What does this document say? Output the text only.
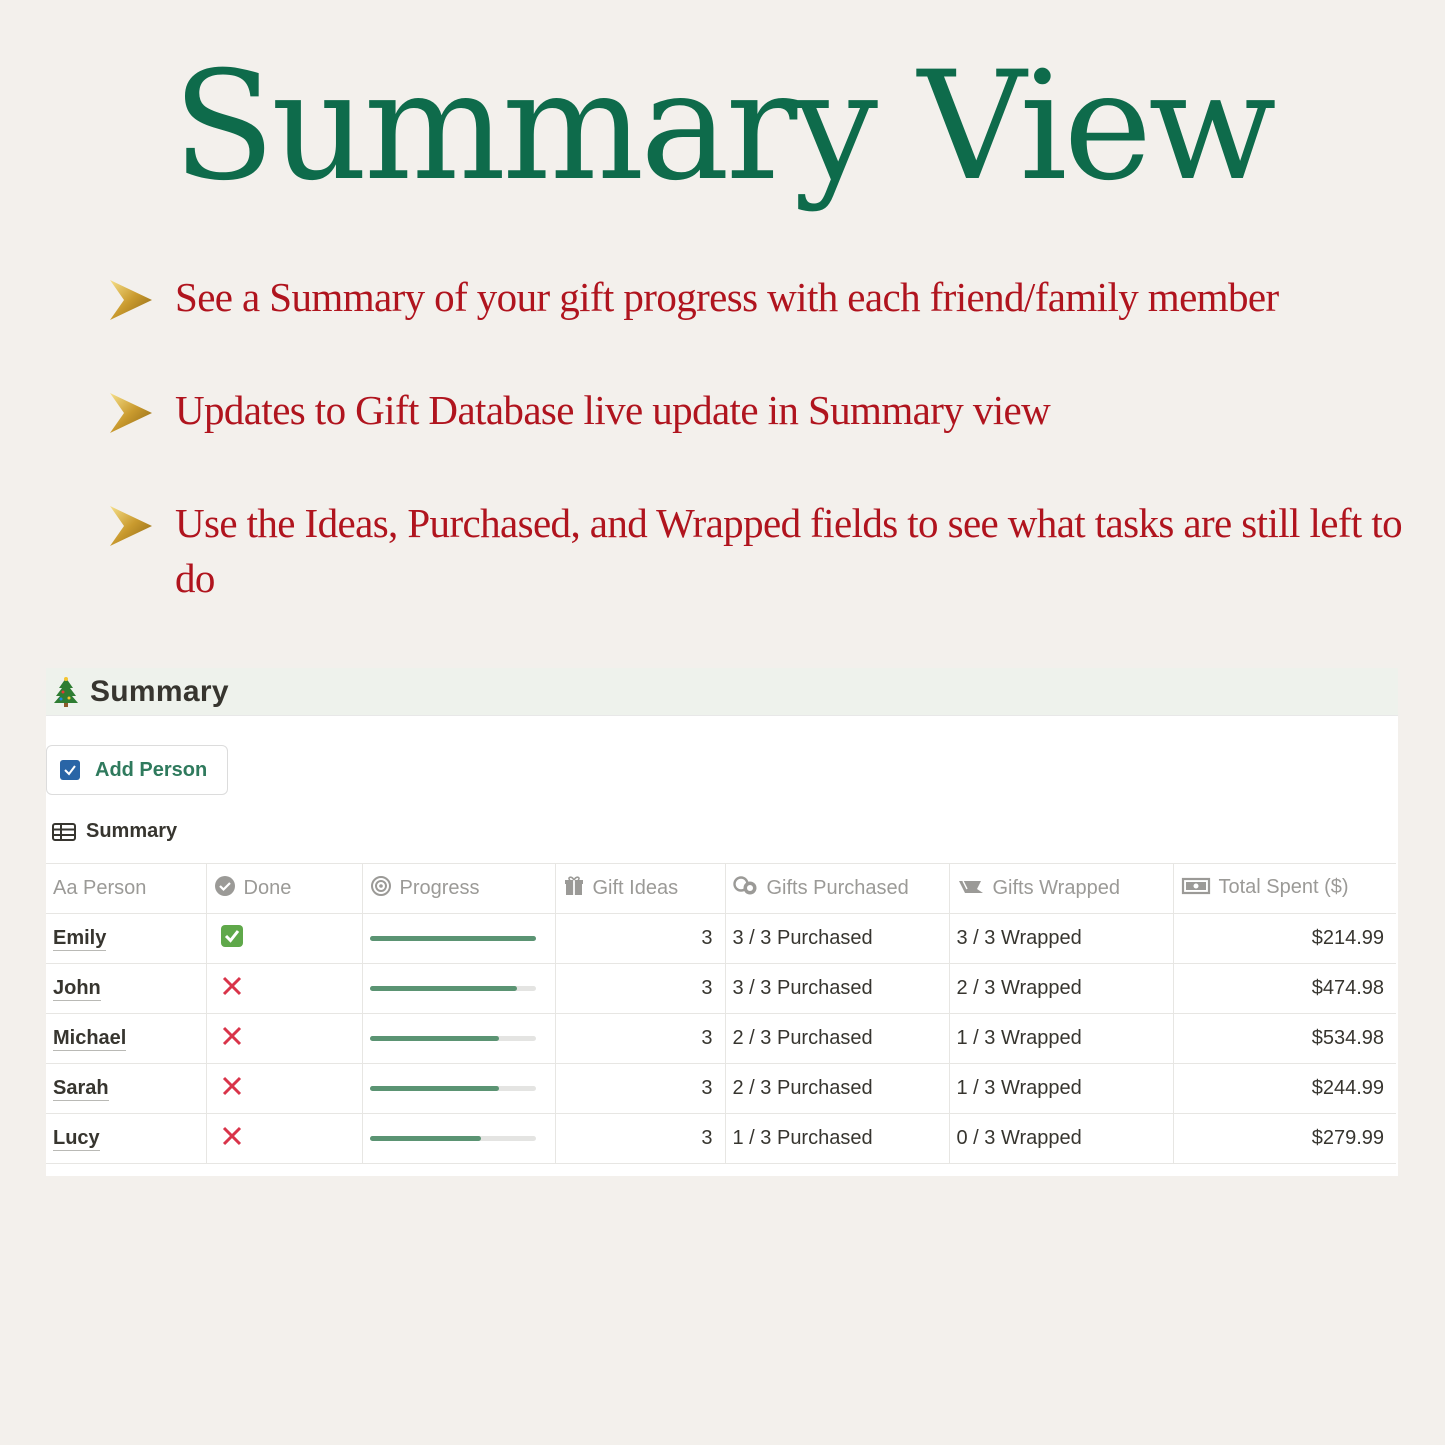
Summary View
See a Summary of your gift progress with each friend/family member
Updates to Gift Database live update in Summary view
Use the Ideas, Purchased, and Wrapped fields to see what tasks are still left to do
Summary
Add Person
Summary
Aa Person	Done	Progress	Gift Ideas	Gifts Purchased	Gifts Wrapped	Total Spent ($)
Emily			3	3 / 3 Purchased	3 / 3 Wrapped	$214.99
John			3	3 / 3 Purchased	2 / 3 Wrapped	$474.98
Michael			3	2 / 3 Purchased	1 / 3 Wrapped	$534.98
Sarah			3	2 / 3 Purchased	1 / 3 Wrapped	$244.99
Lucy			3	1 / 3 Purchased	0 / 3 Wrapped	$279.99
